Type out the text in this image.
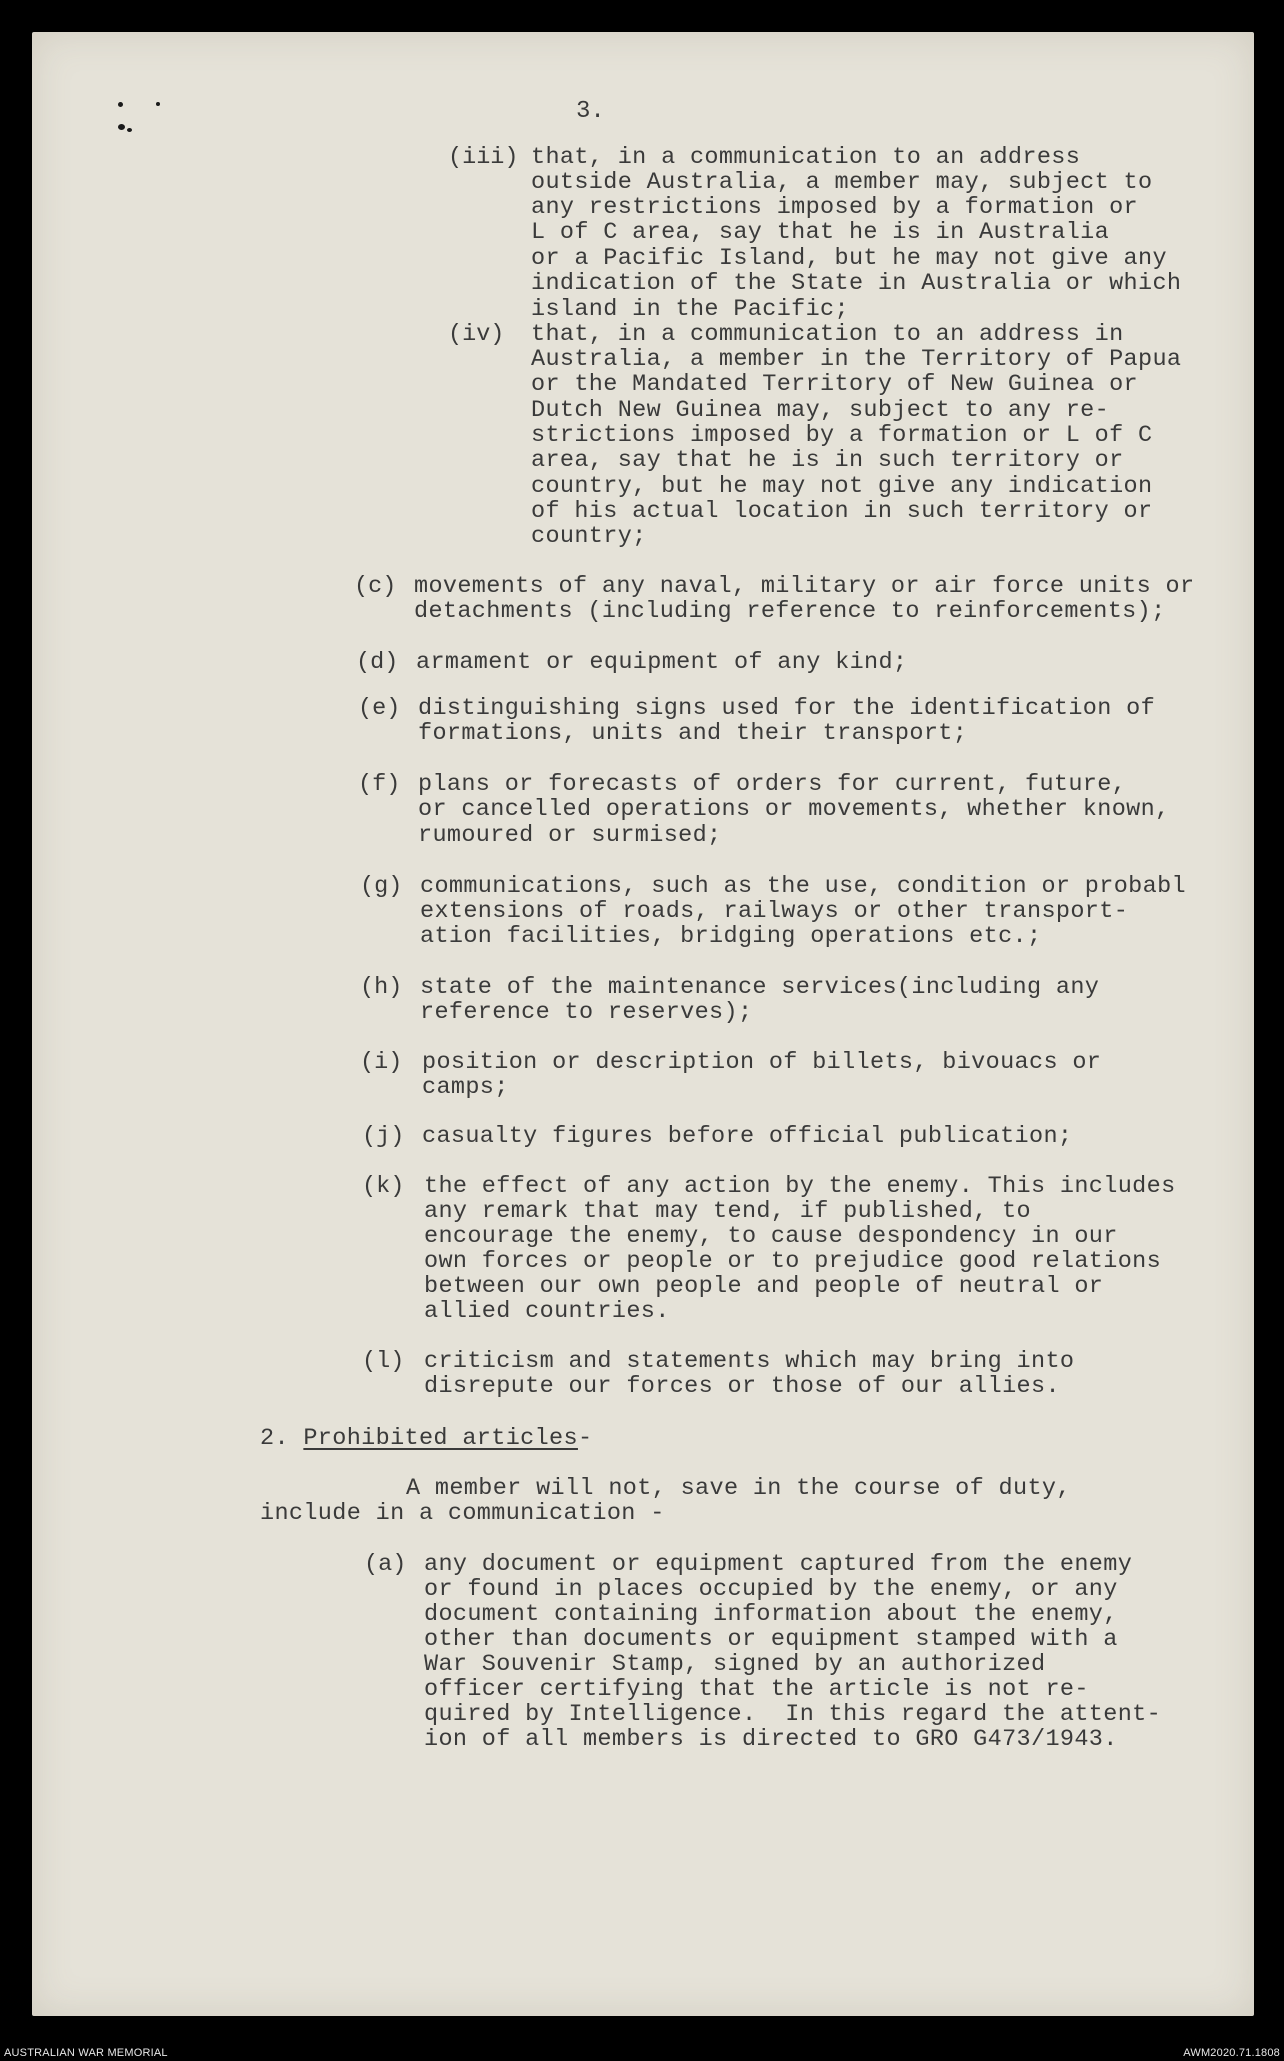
3.
(iii) that, in a communication to an address
outside Australia, a member may, subject to
any restrictions imposed by a formation or
L of C area, say that he is in Australia
or a Pacific Island, but he may not give any
indication of the State in Australia or which
island in the Pacific;
(iv) that, in a communication to an address in
Australia, a member in the Territory of Papua
or the Mandated Territory of New Guinea or
Dutch New Guinea may, subject to any re-
strictions imposed by a formation or L of C
area, say that he is in such territory or
country, but he may not give any indication
of his actual location in such territory or
country;
(c) movements of any naval, military or air force units or
detachments (including reference to reinforcements);
(d) armament or equipment of any kind;
(e) distinguishing signs used for the identification of
formations, units and their transport;
(f) plans or forecasts of orders for current, future,
or cancelled operations or movements, whether known,
rumoured or surmised;
(g) communications, such as the use, condition or probabl
extensions of roads, railways or other transport-
ation facilities, bridging operations etc.;
(h) state of the maintenance services(including any
reference to reserves);
(i) position or description of billets, bivouacs or
camps;
(j) casualty figures before official publication;
(k) the effect of any action by the enemy. This includes
any remark that may tend, if published, to
encourage the enemy, to cause despondency in our
own forces or people or to prejudice good relations
between our own people and people of neutral or
allied countries.
(l) criticism and statements which may bring into
disrepute our forces or those of our allies.
2. Prohibited articles-
A member will not, save in the course of duty,
include in a communication -
(a) any document or equipment captured from the enemy
or found in places occupied by the enemy, or any
document containing information about the enemy,
other than documents or equipment stamped with a
War Souvenir Stamp, signed by an authorized
officer certifying that the article is not re-
quired by Intelligence.  In this regard the attent-
ion of all members is directed to GRO G473/1943.
AUSTRALIAN WAR MEMORIAL	AWM2020.71.1808
